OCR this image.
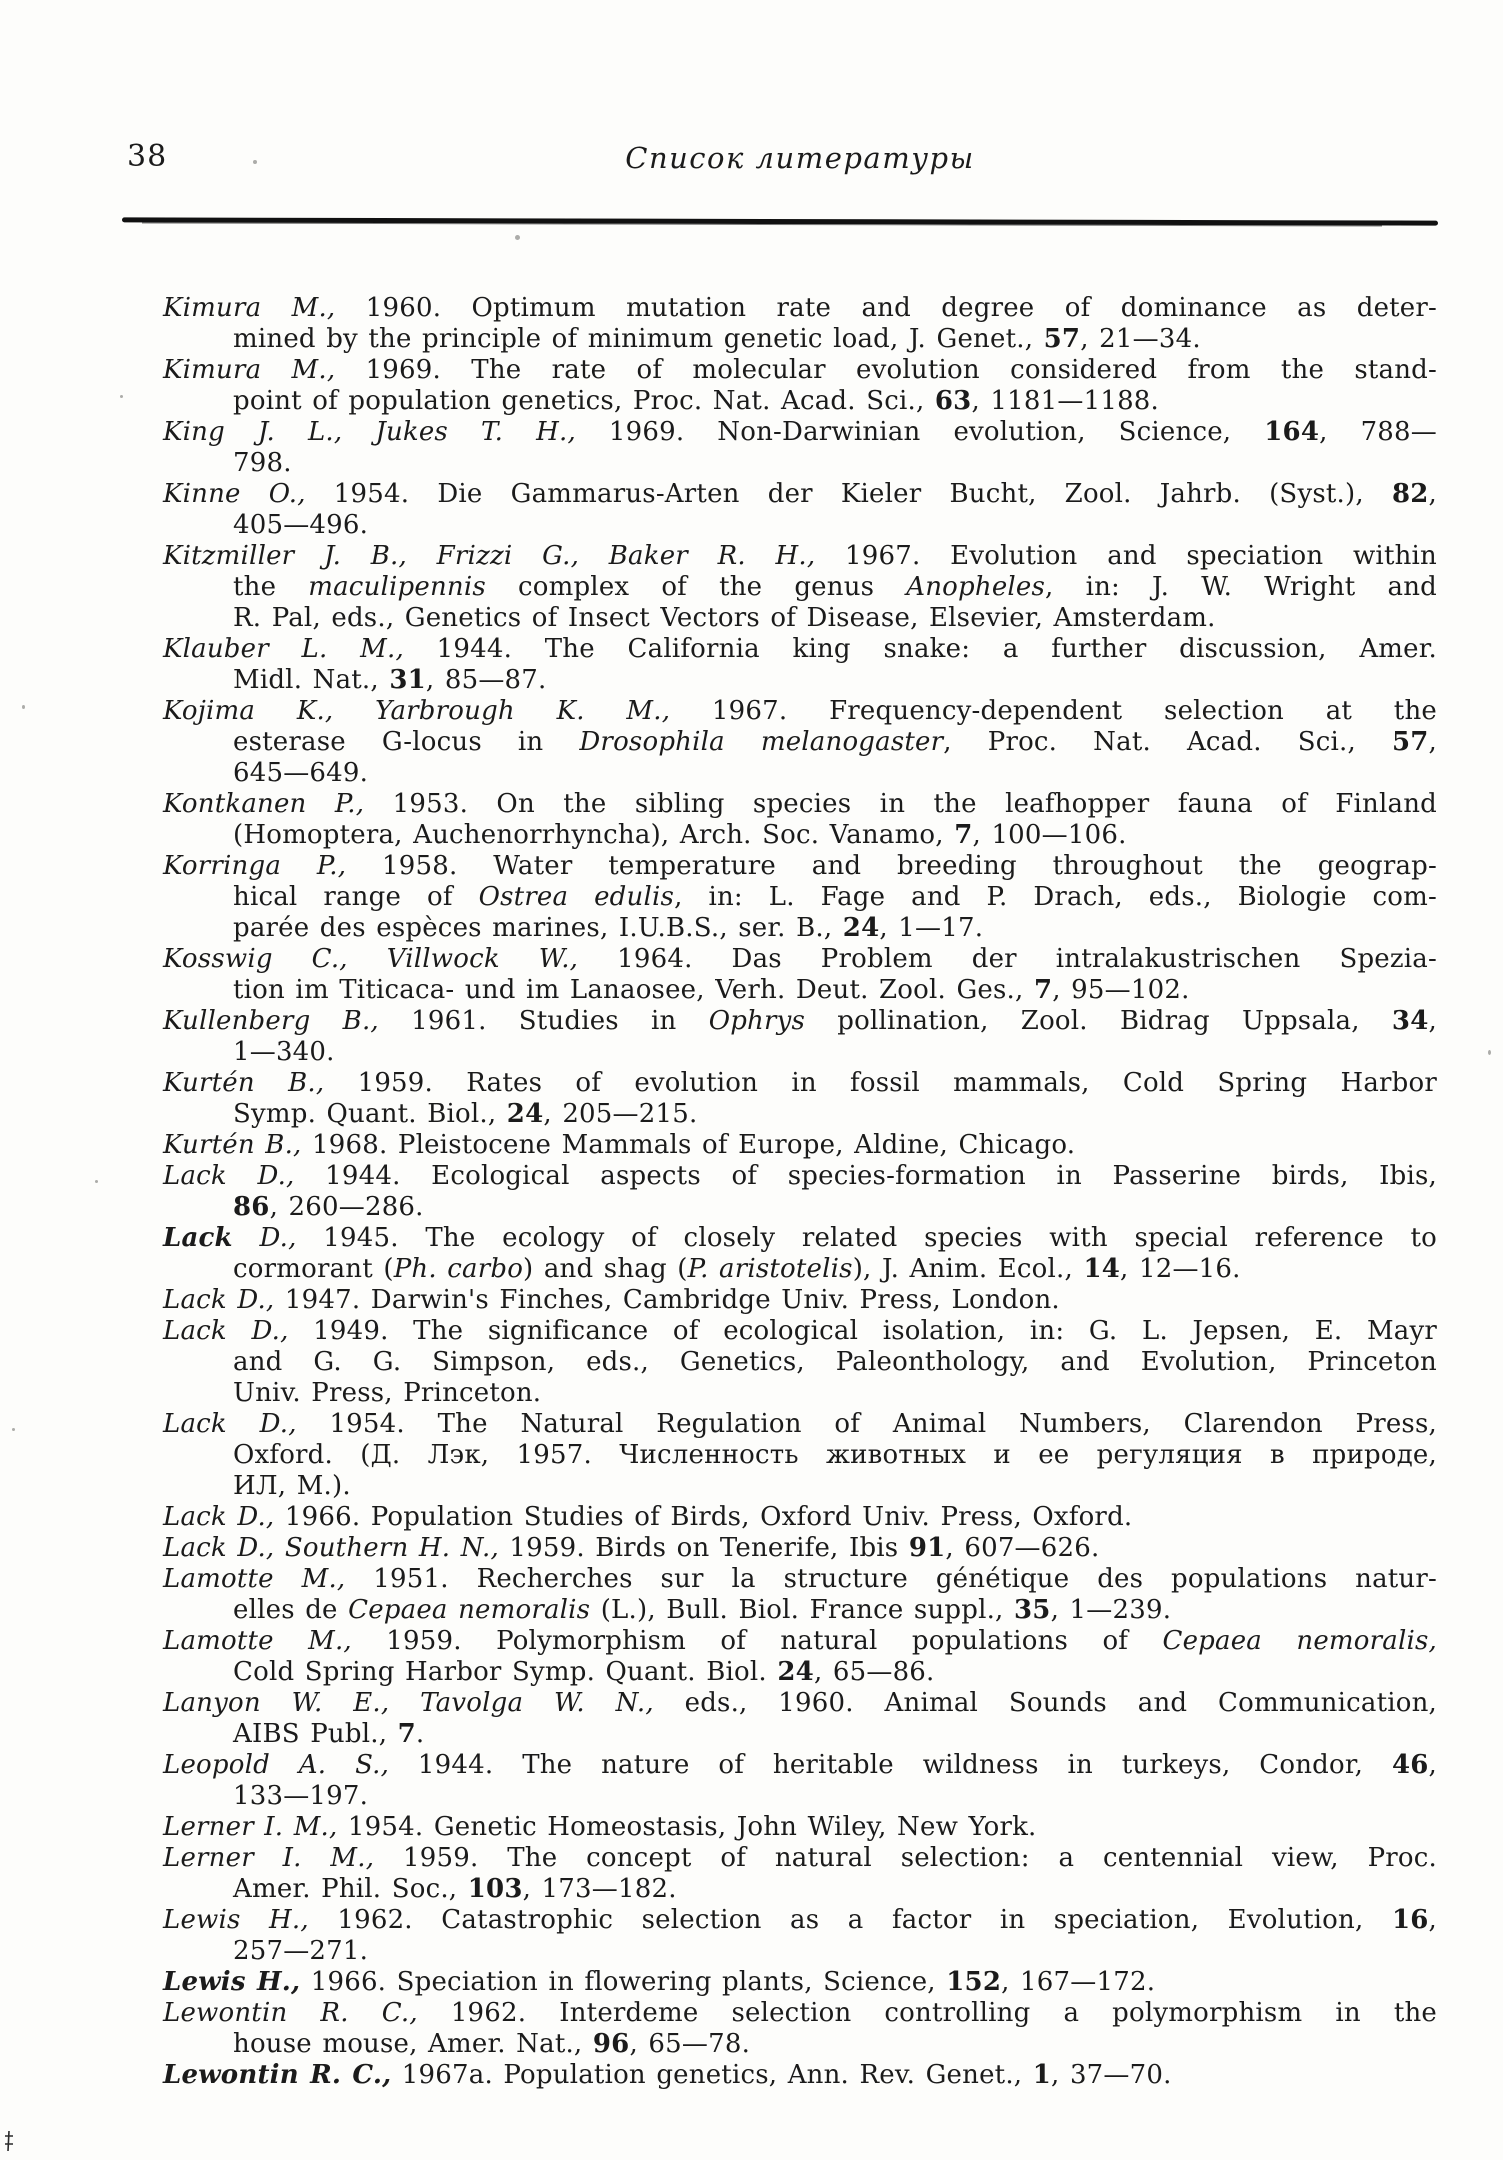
38	Список литературы
Kimura M., 1960. Optimum mutation rate and degree of dominance as deter-
mined by the principle of minimum genetic load, J. Genet., 57, 21—34.
Kimura M., 1969. The rate of molecular evolution considered from the stand-
point of population genetics, Proc. Nat. Acad. Sci., 63, 1181—1188.
King J. L., Jukes T. H., 1969. Non-Darwinian evolution, Science, 164, 788—
798.
Kinne O., 1954. Die Gammarus-Arten der Kieler Bucht, Zool. Jahrb. (Syst.), 82,
405—496.
Kitzmiller J. B., Frizzi G., Baker R. H., 1967. Evolution and speciation within
the maculipennis complex of the genus Anopheles, in: J. W. Wright and
R. Pal, eds., Genetics of Insect Vectors of Disease, Elsevier, Amsterdam.
Klauber L. M., 1944. The California king snake: a further discussion, Amer.
Midl. Nat., 31, 85—87.
Kojima K., Yarbrough K. M., 1967. Frequency-dependent selection at the
esterase G-locus in Drosophila melanogaster, Proc. Nat. Acad. Sci., 57,
645—649.
Kontkanen P., 1953. On the sibling species in the leafhopper fauna of Finland
(Homoptera, Auchenorrhyncha), Arch. Soc. Vanamo, 7, 100—106.
Korringa P., 1958. Water temperature and breeding throughout the geograp-
hical range of Ostrea edulis, in: L. Fage and P. Drach, eds., Biologie com-
parée des espèces marines, I.U.B.S., ser. B., 24, 1—17.
Kosswig C., Villwock W., 1964. Das Problem der intralakustrischen Spezia-
tion im Titicaca- und im Lanaosee, Verh. Deut. Zool. Ges., 7, 95—102.
Kullenberg B., 1961. Studies in Ophrys pollination, Zool. Bidrag Uppsala, 34,
1—340.
Kurtén B., 1959. Rates of evolution in fossil mammals, Cold Spring Harbor
Symp. Quant. Biol., 24, 205—215.
Kurtén B., 1968. Pleistocene Mammals of Europe, Aldine, Chicago.
Lack D., 1944. Ecological aspects of species-formation in Passerine birds, Ibis,
86, 260—286.
Lack D., 1945. The ecology of closely related species with special reference to
cormorant (Ph. carbo) and shag (P. aristotelis), J. Anim. Ecol., 14, 12—16.
Lack D., 1947. Darwin's Finches, Cambridge Univ. Press, London.
Lack D., 1949. The significance of ecological isolation, in: G. L. Jepsen, E. Mayr
and G. G. Simpson, eds., Genetics, Paleonthology, and Evolution, Princeton
Univ. Press, Princeton.
Lack D., 1954. The Natural Regulation of Animal Numbers, Clarendon Press,
Oxford. (Д. Лэк, 1957. Численность животных и ее регуляция в природе,
ИЛ, М.).
Lack D., 1966. Population Studies of Birds, Oxford Univ. Press, Oxford.
Lack D., Southern H. N., 1959. Birds on Tenerife, Ibis 91, 607—626.
Lamotte M., 1951. Recherches sur la structure génétique des populations natur-
elles de Cepaea nemoralis (L.), Bull. Biol. France suppl., 35, 1—239.
Lamotte M., 1959. Polymorphism of natural populations of Cepaea nemoralis,
Cold Spring Harbor Symp. Quant. Biol. 24, 65—86.
Lanyon W. E., Tavolga W. N., eds., 1960. Animal Sounds and Communication,
AIBS Publ., 7.
Leopold A. S., 1944. The nature of heritable wildness in turkeys, Condor, 46,
133—197.
Lerner I. M., 1954. Genetic Homeostasis, John Wiley, New York.
Lerner I. M., 1959. The concept of natural selection: a centennial view, Proc.
Amer. Phil. Soc., 103, 173—182.
Lewis H., 1962. Catastrophic selection as a factor in speciation, Evolution, 16,
257—271.
Lewis H., 1966. Speciation in flowering plants, Science, 152, 167—172.
Lewontin R. C., 1962. Interdeme selection controlling a polymorphism in the
house mouse, Amer. Nat., 96, 65—78.
Lewontin R. C., 1967a. Population genetics, Ann. Rev. Genet., 1, 37—70.
